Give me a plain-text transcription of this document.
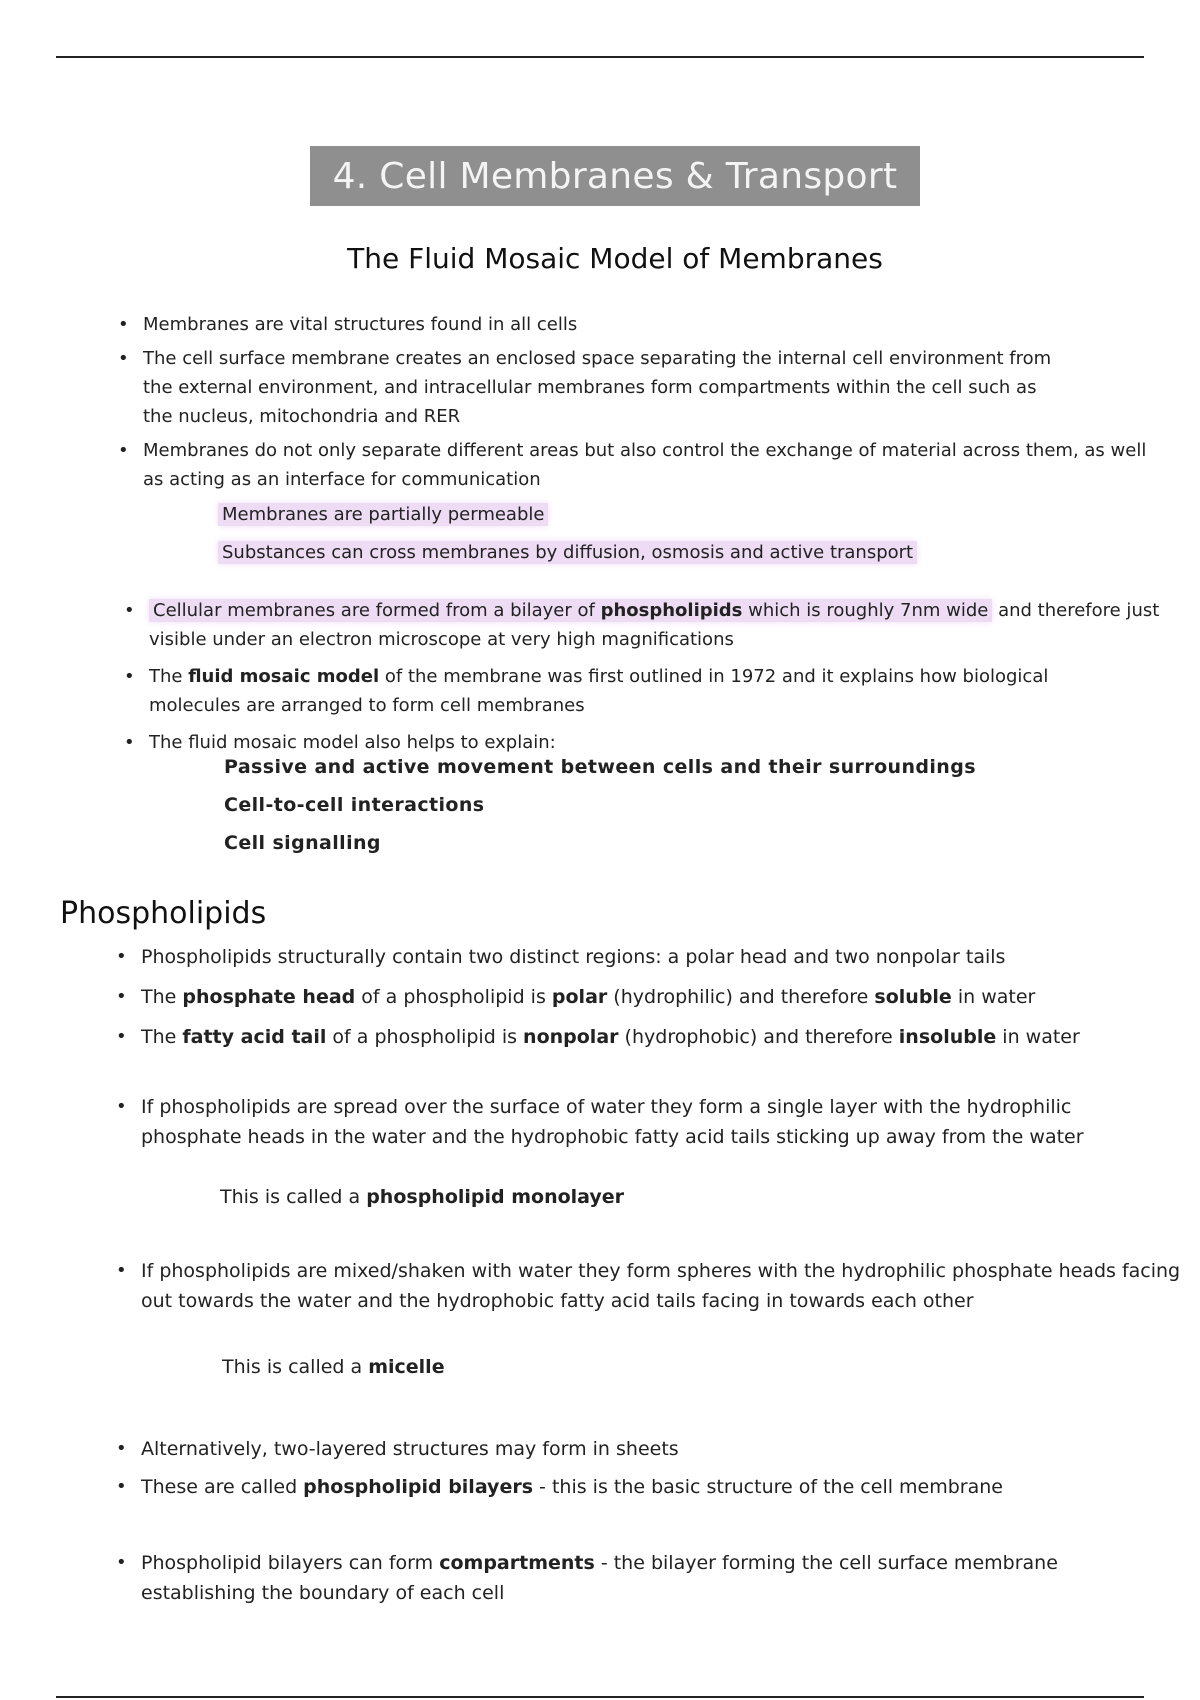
4. Cell Membranes & Transport
The Fluid Mosaic Model of Membranes
• Membranes are vital structures found in all cells
• The cell surface membrane creates an enclosed space separating the internal cell environment from the external environment, and intracellular membranes form compartments within the cell such as the nucleus, mitochondria and RER
• Membranes do not only separate different areas but also control the exchange of material across them, as well as acting as an interface for communication
Membranes are partially permeable
Substances can cross membranes by diffusion, osmosis and active transport
•	Cellular membranes are formed from a bilayer of phospholipids which is roughly 7nm wide and therefore just visible under an electron microscope at very high magnifications
• The fluid mosaic model of the membrane was first outlined in 1972 and it explains how biological molecules are arranged to form cell membranes
• The fluid mosaic model also helps to explain:
Passive and active movement between cells and their surroundings
Cell-to-cell interactions
Cell signalling
Phospholipids
• Phospholipids structurally contain two distinct regions: a polar head and two nonpolar tails
• The phosphate head of a phospholipid is polar (hydrophilic) and therefore soluble in water
• The fatty acid tail of a phospholipid is nonpolar (hydrophobic) and therefore insoluble in water
• If phospholipids are spread over the surface of water they form a single layer with the hydrophilic phosphate heads in the water and the hydrophobic fatty acid tails sticking up away from the water
This is called a phospholipid monolayer
• If phospholipids are mixed/shaken with water they form spheres with the hydrophilic phosphate heads facing out towards the water and the hydrophobic fatty acid tails facing in towards each other
This is called a micelle
• Alternatively, two-layered structures may form in sheets
• These are called phospholipid bilayers - this is the basic structure of the cell membrane
• Phospholipid bilayers can form compartments - the bilayer forming the cell surface membrane establishing the boundary of each cell
